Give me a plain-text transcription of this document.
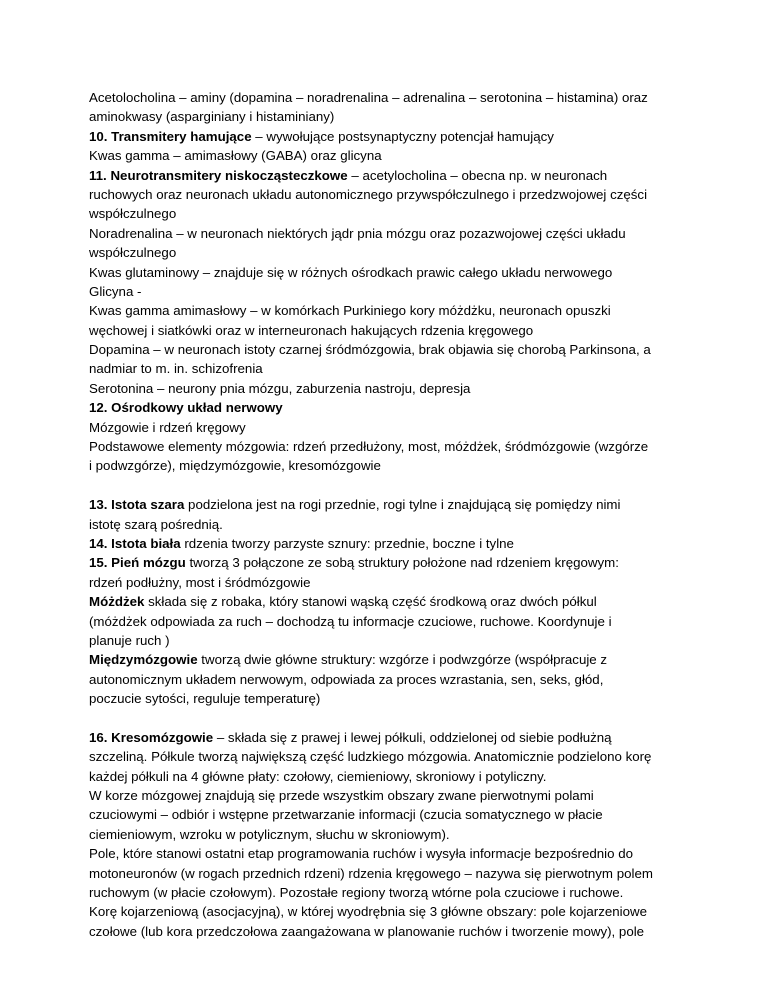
Acetolocholina – aminy (dopamina – noradrenalina – adrenalina – serotonina – histamina) oraz
aminokwasy (asparginiany i histaminiany)
10. Transmitery hamujące – wywołujące postsynaptyczny potencjał hamujący
Kwas gamma – amimasłowy (GABA) oraz glicyna
11. Neurotransmitery niskocząsteczkowe – acetylocholina – obecna np. w neuronach
ruchowych oraz neuronach układu autonomicznego przywspółczulnego i przedzwojowej części
współczulnego
Noradrenalina – w neuronach niektórych jądr pnia mózgu oraz pozazwojowej części układu
współczulnego
Kwas glutaminowy – znajduje się w różnych ośrodkach prawic całego układu nerwowego
Glicyna -
Kwas gamma amimasłowy – w komórkach Purkiniego kory móżdżku, neuronach opuszki
węchowej i siatkówki oraz w interneuronach hakujących rdzenia kręgowego
Dopamina – w neuronach istoty czarnej śródmózgowia, brak objawia się chorobą Parkinsona, a
nadmiar to m. in. schizofrenia
Serotonina – neurony pnia mózgu, zaburzenia nastroju, depresja
12. Ośrodkowy układ nerwowy
Mózgowie i rdzeń kręgowy
Podstawowe elementy mózgowia: rdzeń przedłużony, most, móżdżek, śródmózgowie (wzgórze
i podwzgórze), międzymózgowie, kresomózgowie
13. Istota szara podzielona jest na rogi przednie, rogi tylne i znajdującą się pomiędzy nimi
istotę szarą pośrednią.
14. Istota biała rdzenia tworzy parzyste sznury: przednie, boczne i tylne
15. Pień mózgu tworzą 3 połączone ze sobą struktury położone nad rdzeniem kręgowym:
rdzeń podłużny, most i śródmózgowie
Móżdżek składa się z robaka, który stanowi wąską część środkową oraz dwóch półkul
(móżdżek odpowiada za ruch – dochodzą tu informacje czuciowe, ruchowe. Koordynuje i
planuje ruch )
Międzymózgowie tworzą dwie główne struktury: wzgórze i podwzgórze (współpracuje z
autonomicznym układem nerwowym, odpowiada za proces wzrastania, sen, seks, głód,
poczucie sytości, reguluje temperaturę)
16. Kresomózgowie – składa się z prawej i lewej półkuli, oddzielonej od siebie podłużną
szczeliną. Półkule tworzą największą część ludzkiego mózgowia. Anatomicznie podzielono korę
każdej półkuli na 4 główne płaty: czołowy, ciemieniowy, skroniowy i potyliczny.
W korze mózgowej znajdują się przede wszystkim obszary zwane pierwotnymi polami
czuciowymi – odbiór i wstępne przetwarzanie informacji (czucia somatycznego w płacie
ciemieniowym, wzroku w potylicznym, słuchu w skroniowym).
Pole, które stanowi ostatni etap programowania ruchów i wysyła informacje bezpośrednio do
motoneuronów (w rogach przednich rdzeni) rdzenia kręgowego – nazywa się pierwotnym polem
ruchowym (w płacie czołowym). Pozostałe regiony tworzą wtórne pola czuciowe i ruchowe.
Korę kojarzeniową (asocjacyjną), w której wyodrębnia się 3 główne obszary: pole kojarzeniowe
czołowe (lub kora przedczołowa zaangażowana w planowanie ruchów i tworzenie mowy), pole
